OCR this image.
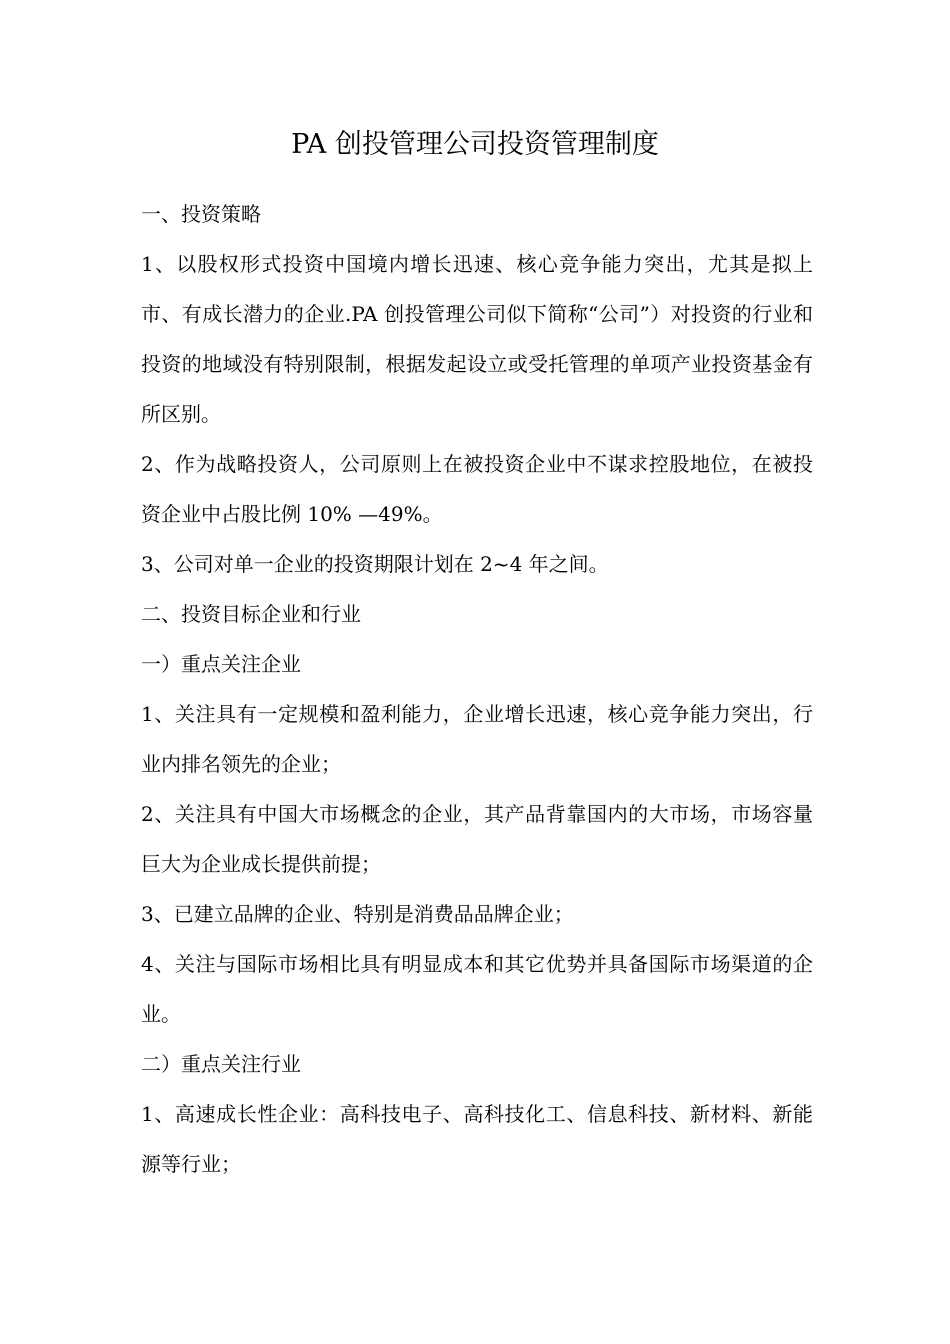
PA 创投管理公司投资管理制度

一、投资策略

1、以股权形式投资中国境内增长迅速、核心竞争能力突出，尤其是拟上市、有成长潜力的企业.PA 创投管理公司似下简称“公司”）对投资的行业和投资的地域没有特别限制，根据发起设立或受托管理的单项产业投资基金有所区别。

2、作为战略投资人，公司原则上在被投资企业中不谋求控股地位，在被投资企业中占股比例 10% —49%。

3、公司对单一企业的投资期限计划在 2~4 年之间。

二、投资目标企业和行业

一）重点关注企业

1、关注具有一定规模和盈利能力，企业增长迅速，核心竞争能力突出，行业内排名领先的企业；

2、关注具有中国大市场概念的企业，其产品背靠国内的大市场，市场容量巨大为企业成长提供前提；

3、已建立品牌的企业、特别是消费品品牌企业；

4、关注与国际市场相比具有明显成本和其它优势并具备国际市场渠道的企业。

二）重点关注行业

1、高速成长性企业：高科技电子、高科技化工、信息科技、新材料、新能源等行业；
